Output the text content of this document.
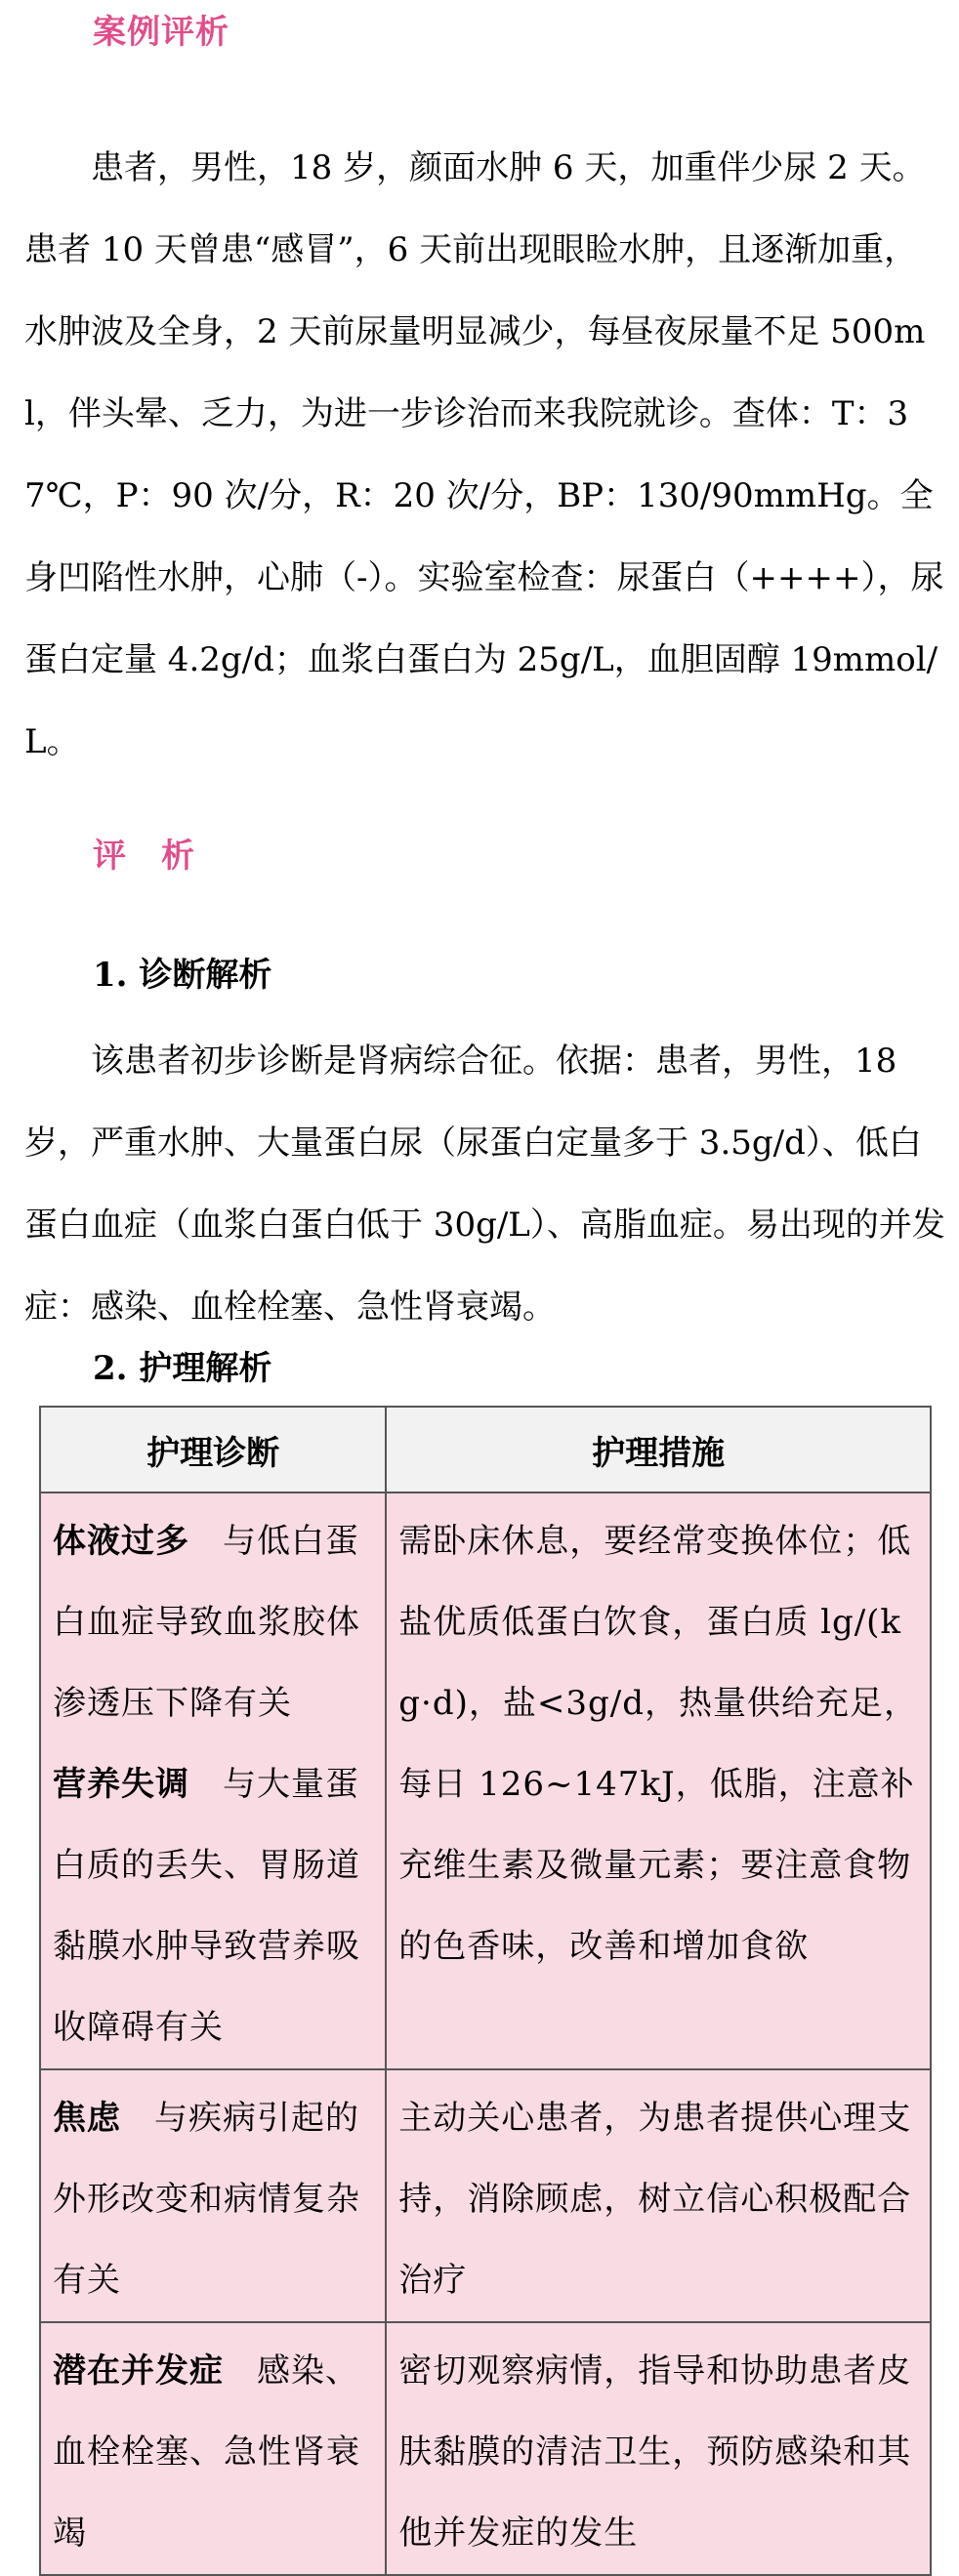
案例评析

患者，男性，18 岁，颜面水肿 6 天，加重伴少尿 2 天。患者 10 天曾患“感冒”，6 天前出现眼睑水肿，且逐渐加重，水肿波及全身，2 天前尿量明显减少，每昼夜尿量不足 500ml，伴头晕、乏力，为进一步诊治而来我院就诊。查体：T：37℃，P：90 次/分，R：20 次/分，BP：130/90mmHg。全身凹陷性水肿，心肺（-）。实验室检查：尿蛋白（++++），尿蛋白定量 4.2g/d；血浆白蛋白为 25g/L，血胆固醇 19mmol/L。

评　析
1. 诊断解析

该患者初步诊断是肾病综合征。依据：患者，男性，18 岁，严重水肿、大量蛋白尿（尿蛋白定量多于 3.5g/d）、低白蛋白血症（血浆白蛋白低于 30g/L）、高脂血症。易出现的并发症：感染、血栓栓塞、急性肾衰竭。

2. 护理解析
护理诊断	护理措施

体液过多 与低白蛋白血症导致血浆胶体渗透压下降有关
营养失调 与大量蛋白质的丢失、胃肠道黏膜水肿导致营养吸收障碍有关	需卧床休息，要经常变换体位；低盐优质低蛋白饮食，蛋白质 lg/(kg·d)，盐<3g/d，热量供给充足，每日 126~147kJ，低脂，注意补充维生素及微量元素；要注意食物的色香味，改善和增加食欲

焦虑 与疾病引起的外形改变和病情复杂有关	主动关心患者，为患者提供心理支持，消除顾虑，树立信心积极配合治疗

潜在并发症 感染、血栓栓塞、急性肾衰竭	密切观察病情，指导和协助患者皮肤黏膜的清洁卫生，预防感染和其他并发症的发生
